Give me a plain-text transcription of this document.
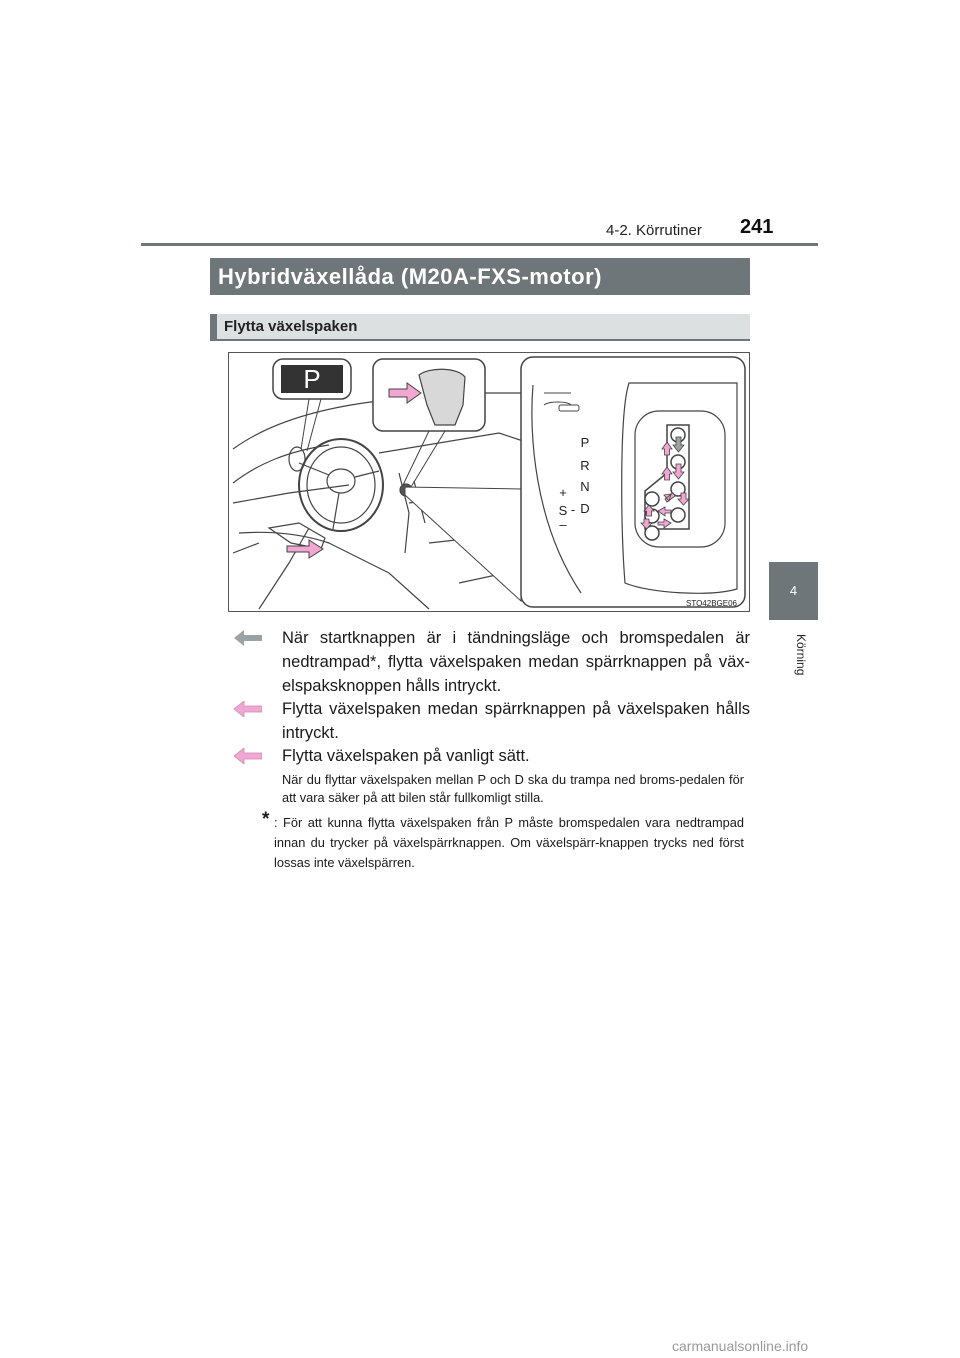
4-2. Körrutiner 241
4
Körning
Hybridväxellåda (M20A-FXS-motor)
Flytta växelspaken
P
P
R
N
D
+
S -
–
STO42BGE06
När startknappen är i tändningsläge och bromspedalen är nedtrampad*, flytta växelspaken medan spärrknappen på väx-elspaksknoppen hålls intryckt.
Flytta växelspaken medan spärrknappen på växelspaken hålls intryckt.
Flytta växelspaken på vanligt sätt.
När du flyttar växelspaken mellan P och D ska du trampa ned broms-pedalen för att vara säker på att bilen står fullkomligt stilla.
* : För att kunna flytta växelspaken från P måste bromspedalen vara nedtrampad innan du trycker på växelspärrknappen. Om växelspärr-knappen trycks ned först lossas inte växelspärren.
carmanualsonline.info
